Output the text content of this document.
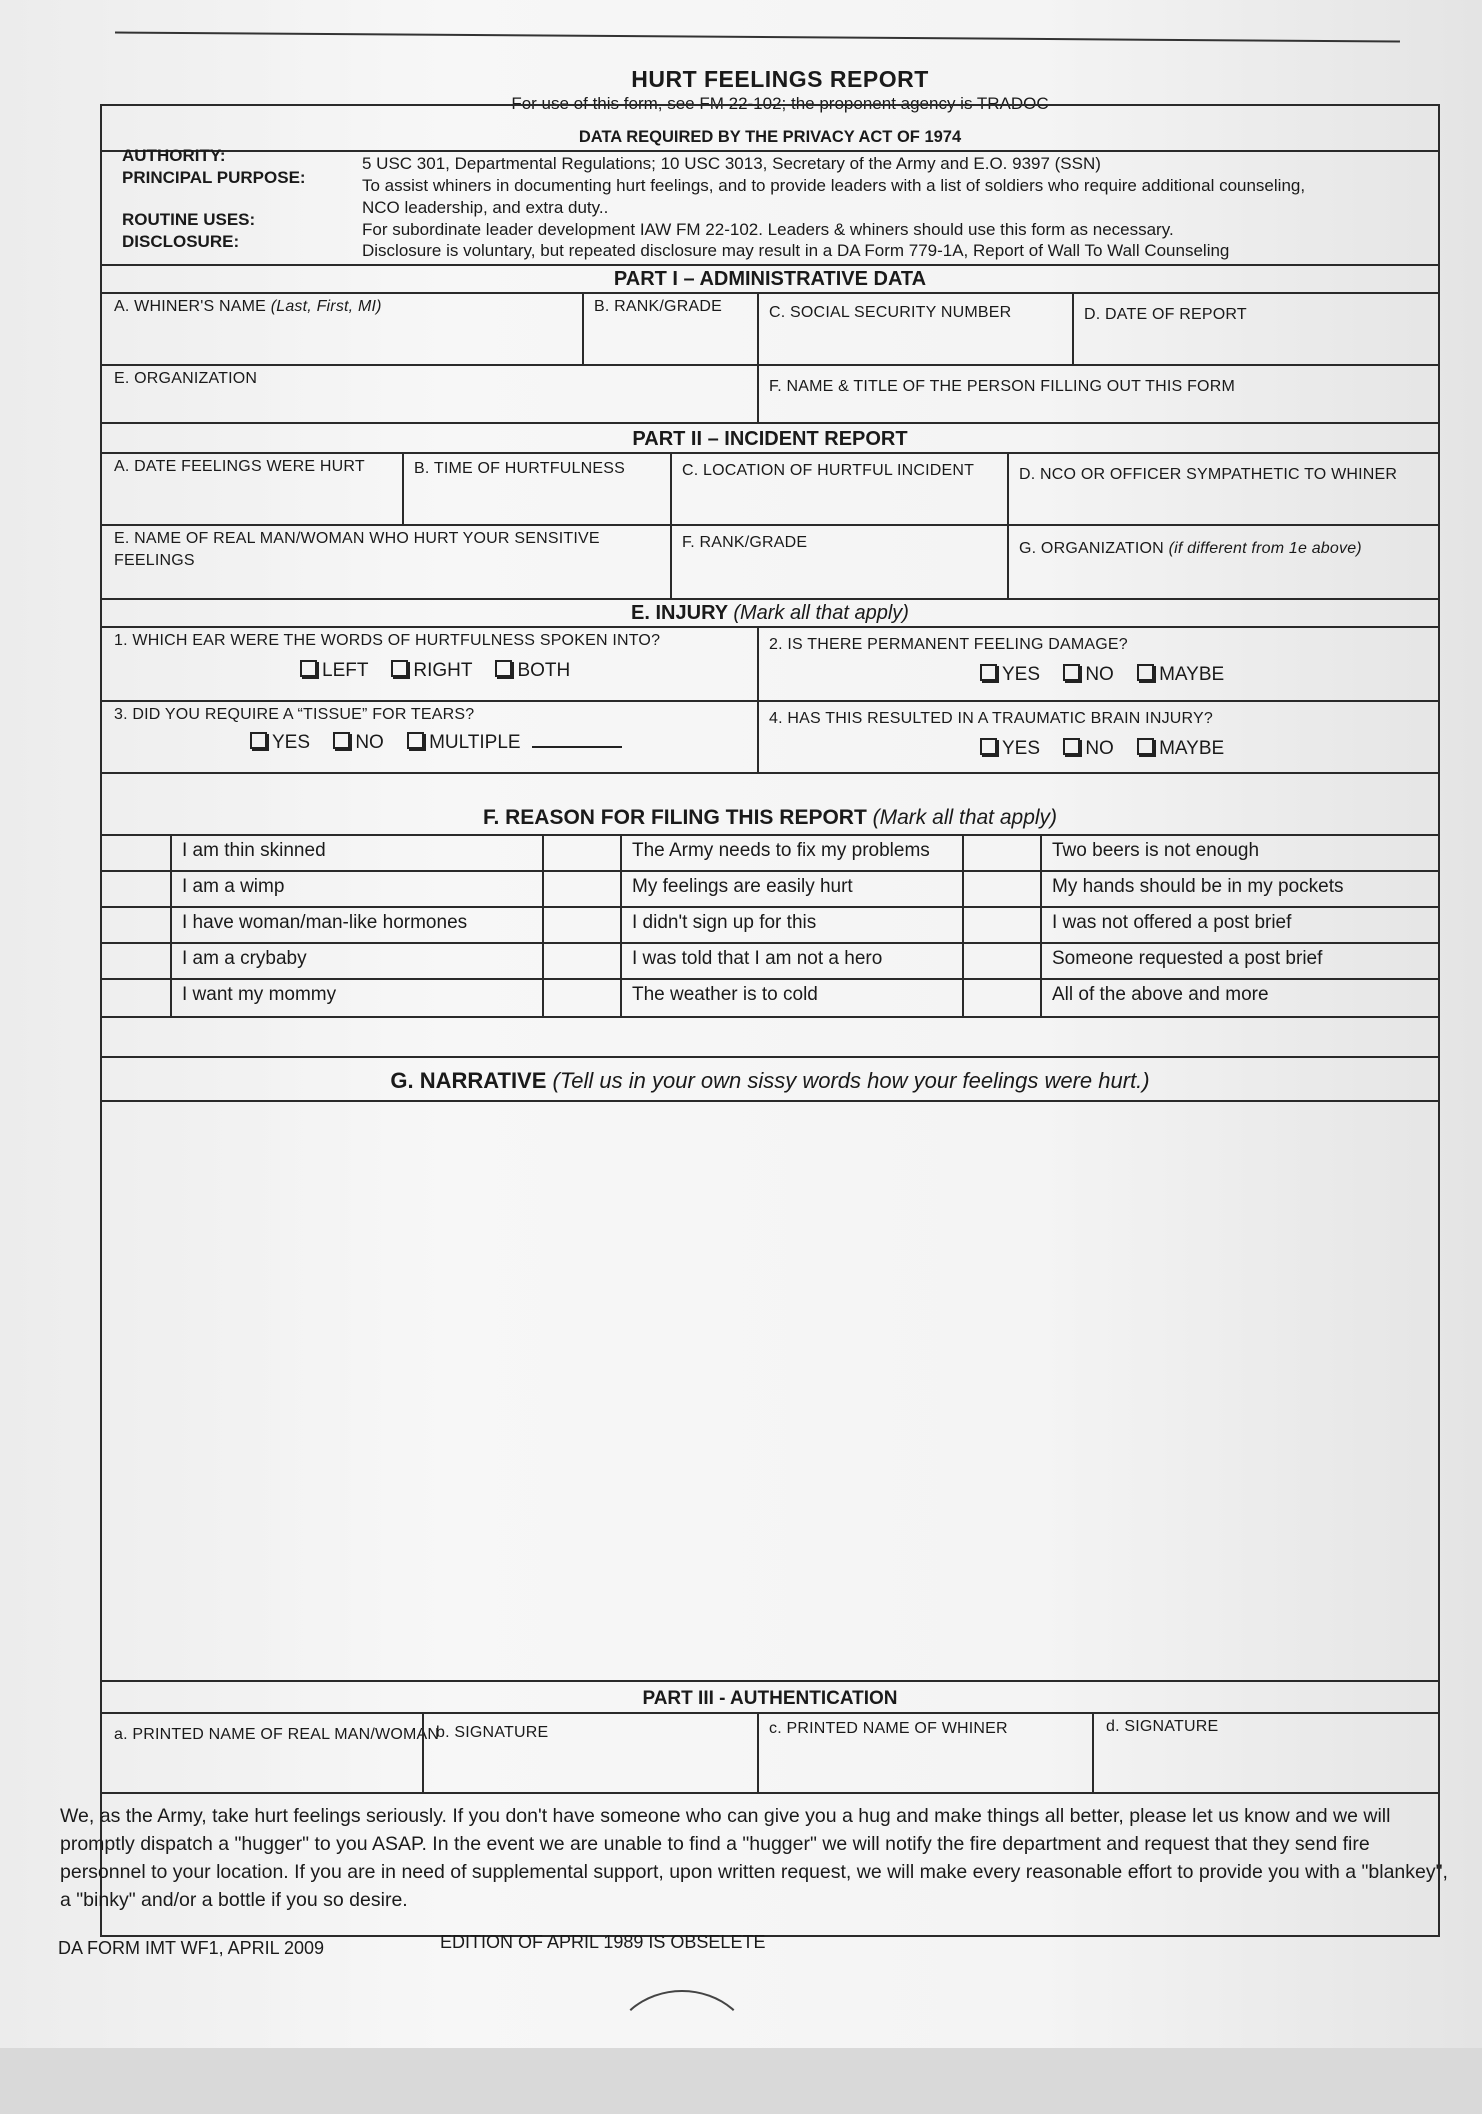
HURT FEELINGS REPORT
For use of this form, see FM 22-102; the proponent agency is TRADOC
DATA REQUIRED BY THE PRIVACY ACT OF 1974
AUTHORITY:	5 USC 301, Departmental Regulations; 10 USC 3013, Secretary of the Army and E.O. 9397 (SSN)
PRINCIPAL PURPOSE:	To assist whiners in documenting hurt feelings, and to provide leaders with a list of soldiers who require additional counseling,
NCO leadership, and extra duty..
ROUTINE USES:
For subordinate leader development IAW FM 22-102. Leaders & whiners should use this form as necessary.
DISCLOSURE:	Disclosure is voluntary, but repeated disclosure may result in a DA Form 779-1A, Report of Wall To Wall Counseling
PART I – ADMINISTRATIVE DATA
A. WHINER'S NAME (Last, First, MI)	B. RANK/GRADE	C. SOCIAL SECURITY NUMBER	D. DATE OF REPORT
E. ORGANIZATION	F. NAME & TITLE OF THE PERSON FILLING OUT THIS FORM
PART II – INCIDENT REPORT
A. DATE FEELINGS WERE HURT	B. TIME OF HURTFULNESS	C. LOCATION OF HURTFUL INCIDENT	D. NCO OR OFFICER SYMPATHETIC TO WHINER
E. NAME OF REAL MAN/WOMAN WHO HURT YOUR SENSITIVE
FEELINGS
F. RANK/GRADE	G. ORGANIZATION (if different from 1e above)
E. INJURY (Mark all that apply)
1. WHICH EAR WERE THE WORDS OF HURTFULNESS SPOKEN INTO?
LEFT RIGHT BOTH
2. IS THERE PERMANENT FEELING DAMAGE?
YES NO MAYBE
3. DID YOU REQUIRE A “TISSUE” FOR TEARS?
YES NO MULTIPLE
4. HAS THIS RESULTED IN A TRAUMATIC BRAIN INJURY?
YES NO MAYBE
F. REASON FOR FILING THIS REPORT (Mark all that apply)
I am thin skinned	The Army needs to fix my problems	Two beers is not enough
I am a wimp	My feelings are easily hurt	My hands should be in my pockets
I have woman/man-like hormones	I didn't sign up for this	I was not offered a post brief
I am a crybaby	I was told that I am not a hero	Someone requested a post brief
I want my mommy	The weather is to cold	All of the above and more
G. NARRATIVE (Tell us in your own sissy words how your feelings were hurt.)
PART III - AUTHENTICATION
a. PRINTED NAME OF REAL MAN/WOMAN
b. SIGNATURE	c. PRINTED NAME OF WHINER	d. SIGNATURE
We, as the Army, take hurt feelings seriously. If you don't have someone who can give you a hug and make things all better, please let us know and we will promptly dispatch a "hugger" to you ASAP. In the event we are unable to find a "hugger" we will notify the fire department and request that they send fire personnel to your location. If you are in need of supplemental support, upon written request, we will make every reasonable effort to provide you with a "blankey", a "binky" and/or a bottle if you so desire.
DA FORM IMT WF1, APRIL 2009	EDITION OF APRIL 1989 IS OBSELETE
